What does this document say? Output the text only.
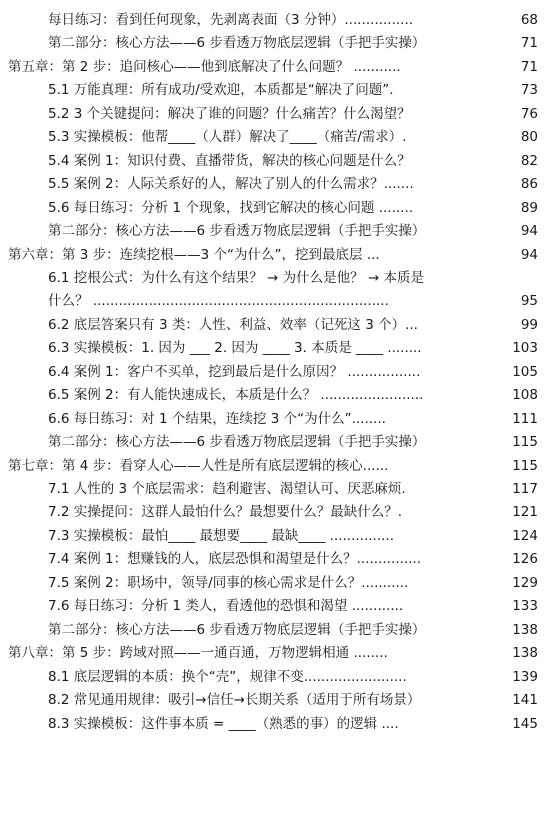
每日练习：看到任何现象，先剥离表面（3 分钟）................	68
第二部分：核心方法——6 步看透万物底层逻辑（手把手实操）	71
第五章：第 2 步：追问核心——他到底解决了什么问题？ ...........	71
5.1 万能真理：所有成功/受欢迎，本质都是“解决了问题”.	73
5.2 3 个关键提问：解决了谁的问题？什么痛苦？什么渴望？	76
5.3 实操模板：他帮____（人群）解决了____（痛苦/需求）.	80
5.4 案例 1：知识付费、直播带货，解决的核心问题是什么？	82
5.5 案例 2：人际关系好的人，解决了别人的什么需求？.......	86
5.6 每日练习：分析 1 个现象，找到它解决的核心问题 ........	89
第二部分：核心方法——6 步看透万物底层逻辑（手把手实操）	94
第六章：第 3 步：连续挖根——3 个“为什么”，挖到最底层 ...	94
6.1 挖根公式：为什么有这个结果？ → 为什么是他？ → 本质是
什么？ .....................................................................	95
6.2 底层答案只有 3 类：人性、利益、效率（记死这 3 个）...	99
6.3 实操模板：1. 因为 ___ 2. 因为 ____ 3. 本质是 ____ ........	103
6.4 案例 1：客户不买单，挖到最后是什么原因？ .................	105
6.5 案例 2：有人能快速成长，本质是什么？ ........................	108
6.6 每日练习：对 1 个结果，连续挖 3 个“为什么”........	111
第二部分：核心方法——6 步看透万物底层逻辑（手把手实操）	115
第七章：第 4 步：看穿人心——人性是所有底层逻辑的核心......	115
7.1 人性的 3 个底层需求：趋利避害、渴望认可、厌恶麻烦.	117
7.2 实操提问：这群人最怕什么？最想要什么？最缺什么？.	121
7.3 实操模板：最怕____ 最想要____ 最缺____ ...............	124
7.4 案例 1：想赚钱的人，底层恐惧和渴望是什么？...............	126
7.5 案例 2：职场中，领导/同事的核心需求是什么？...........	129
7.6 每日练习：分析 1 类人，看透他的恐惧和渴望 ............	133
第二部分：核心方法——6 步看透万物底层逻辑（手把手实操）	138
第八章：第 5 步：跨域对照——一通百通，万物逻辑相通 ........	138
8.1 底层逻辑的本质：换个“壳”，规律不变........................	139
8.2 常见通用规律：吸引→信任→长期关系（适用于所有场景）	141
8.3 实操模板：这件事本质 = ____（熟悉的事）的逻辑 ....	145
